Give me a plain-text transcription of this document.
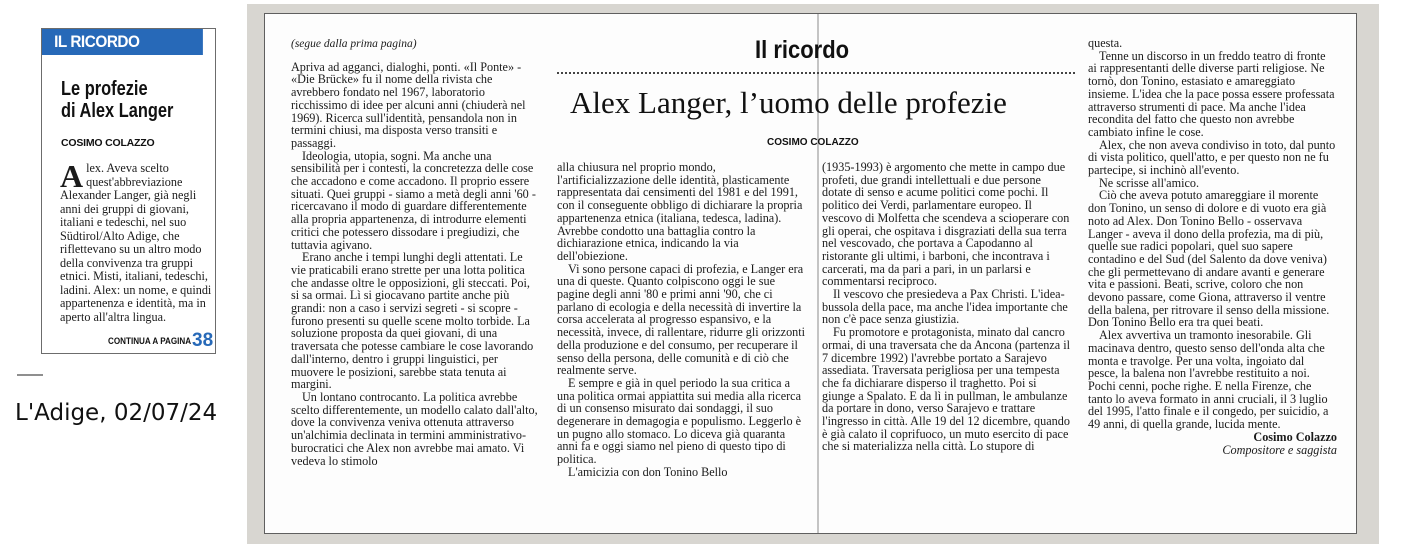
IL RICORDO
Le profezie
di Alex Langer
COSIMO COLAZZO
Alex. Aveva scelto quest'abbreviazione Alexander Langer, già negli anni dei gruppi di giovani, italiani e tedeschi, nel suo Südtirol/Alto Adige, che riflettevano su un altro modo della convivenza tra gruppi etnici. Misti, italiani, tedeschi, ladini. Alex: un nome, e quindi appartenenza e identità, ma in aperto all'altra lingua.
CONTINUA A PAGINA 38
L'Adige, 02/07/24
Il ricordo
Alex Langer, l’uomo delle profezie
COSIMO COLAZZO

(segue dalla prima pagina)

Apriva ad agganci, dialoghi, ponti. «Il Ponte» - «Die Brücke» fu il nome della rivista che avrebbero fondato nel 1967, laboratorio ricchissimo di idee per alcuni anni (chiuderà nel 1969). Ricerca sull'identità, pensandola non in termini chiusi, ma disposta verso transiti e passaggi.

Ideologia, utopia, sogni. Ma anche una sensibilità per i contesti, la concretezza delle cose che accadono e come accadono. Il proprio essere situati. Quei gruppi - siamo a metà degli anni '60 - ricercavano il modo di guardare differentemente alla propria appartenenza, di introdurre elementi critici che potessero dissodare i pregiudizi, che tuttavia agivano.

Erano anche i tempi lunghi degli attentati. Le vie praticabili erano strette per una lotta politica che andasse oltre le opposizioni, gli steccati. Poi, si sa ormai. Lì si giocavano partite anche più grandi: non a caso i servizi segreti - si scopre - furono presenti su quelle scene molto torbide. La soluzione proposta da quei giovani, di una traversata che potesse cambiare le cose lavorando dall'interno, dentro i gruppi linguistici, per muovere le posizioni, sarebbe stata tenuta ai margini.

Un lontano controcanto. La politica avrebbe scelto differentemente, un modello calato dall'alto, dove la convivenza veniva ottenuta attraverso un'alchimia declinata in termini amministrativo-burocratici che Alex non avrebbe mai amato. Vi vedeva lo stimolo

alla chiusura nel proprio mondo, l'artificializzazione delle identità, plasticamente rappresentata dai censimenti del 1981 e del 1991, con il conseguente obbligo di dichiarare la propria appartenenza etnica (italiana, tedesca, ladina). Avrebbe condotto una battaglia contro la dichiarazione etnica, indicando la via dell'obiezione.

Vi sono persone capaci di profezia, e Langer era una di queste. Quanto colpiscono oggi le sue pagine degli anni '80 e primi anni '90, che ci parlano di ecologia e della necessità di invertire la corsa accelerata al progresso espansivo, e la necessità, invece, di rallentare, ridurre gli orizzonti della produzione e del consumo, per recuperare il senso della persona, delle comunità e di ciò che realmente serve.

E sempre e già in quel periodo la sua critica a una politica ormai appiattita sui media alla ricerca di un consenso misurato dai sondaggi, il suo degenerare in demagogia e populismo. Leggerlo è un pugno allo stomaco. Lo diceva già quaranta anni fa e oggi siamo nel pieno di questo tipo di politica.

L'amicizia con don Tonino Bello

(1935-1993) è argomento che mette in campo due profeti, due grandi intellettuali e due persone dotate di senso e acume politici come pochi. Il politico dei Verdi, parlamentare europeo. Il vescovo di Molfetta che scendeva a scioperare con gli operai, che ospitava i disgraziati della sua terra nel vescovado, che portava a Capodanno al ristorante gli ultimi, i barboni, che incontrava i carcerati, ma da pari a pari, in un parlarsi e commentarsi reciproco.

Il vescovo che presiedeva a Pax Christi. L'idea-bussola della pace, ma anche l'idea importante che non c'è pace senza giustizia.

Fu promotore e protagonista, minato dal cancro ormai, di una traversata che da Ancona (partenza il 7 dicembre 1992) l'avrebbe portato a Sarajevo assediata. Traversata perigliosa per una tempesta che fa dichiarare disperso il traghetto. Poi si giunge a Spalato. E da lì in pullman, le ambulanze da portare in dono, verso Sarajevo e trattare l'ingresso in città. Alle 19 del 12 dicembre, quando è già calato il coprifuoco, un muto esercito di pace che si materializza nella città. Lo stupore di

questa.

Tenne un discorso in un freddo teatro di fronte ai rappresentanti delle diverse parti religiose. Ne tornò, don Tonino, estasiato e amareggiato insieme. L'idea che la pace possa essere professata attraverso strumenti di pace. Ma anche l'idea recondita del fatto che questo non avrebbe cambiato infine le cose.

Alex, che non aveva condiviso in toto, dal punto di vista politico, quell'atto, e per questo non ne fu partecipe, si inchinò all'evento.

Ne scrisse all'amico.

Ciò che aveva potuto amareggiare il morente don Tonino, un senso di dolore e di vuoto era già noto ad Alex. Don Tonino Bello - osservava Langer - aveva il dono della profezia, ma di più, quelle sue radici popolari, quel suo sapere contadino e del Sud (del Salento da dove veniva) che gli permettevano di andare avanti e generare vita e passioni. Beati, scrive, coloro che non devono passare, come Giona, attraverso il ventre della balena, per ritrovare il senso della missione. Don Tonino Bello era tra quei beati.

Alex avvertiva un tramonto inesorabile. Gli macinava dentro, questo senso dell'onda alta che monta e travolge. Per una volta, ingoiato dal pesce, la balena non l'avrebbe restituito a noi. Pochi cenni, poche righe. E nella Firenze, che tanto lo aveva formato in anni cruciali, il 3 luglio del 1995, l'atto finale e il congedo, per suicidio, a 49 anni, di quella grande, lucida mente.

Cosimo Colazzo

Compositore e saggista
